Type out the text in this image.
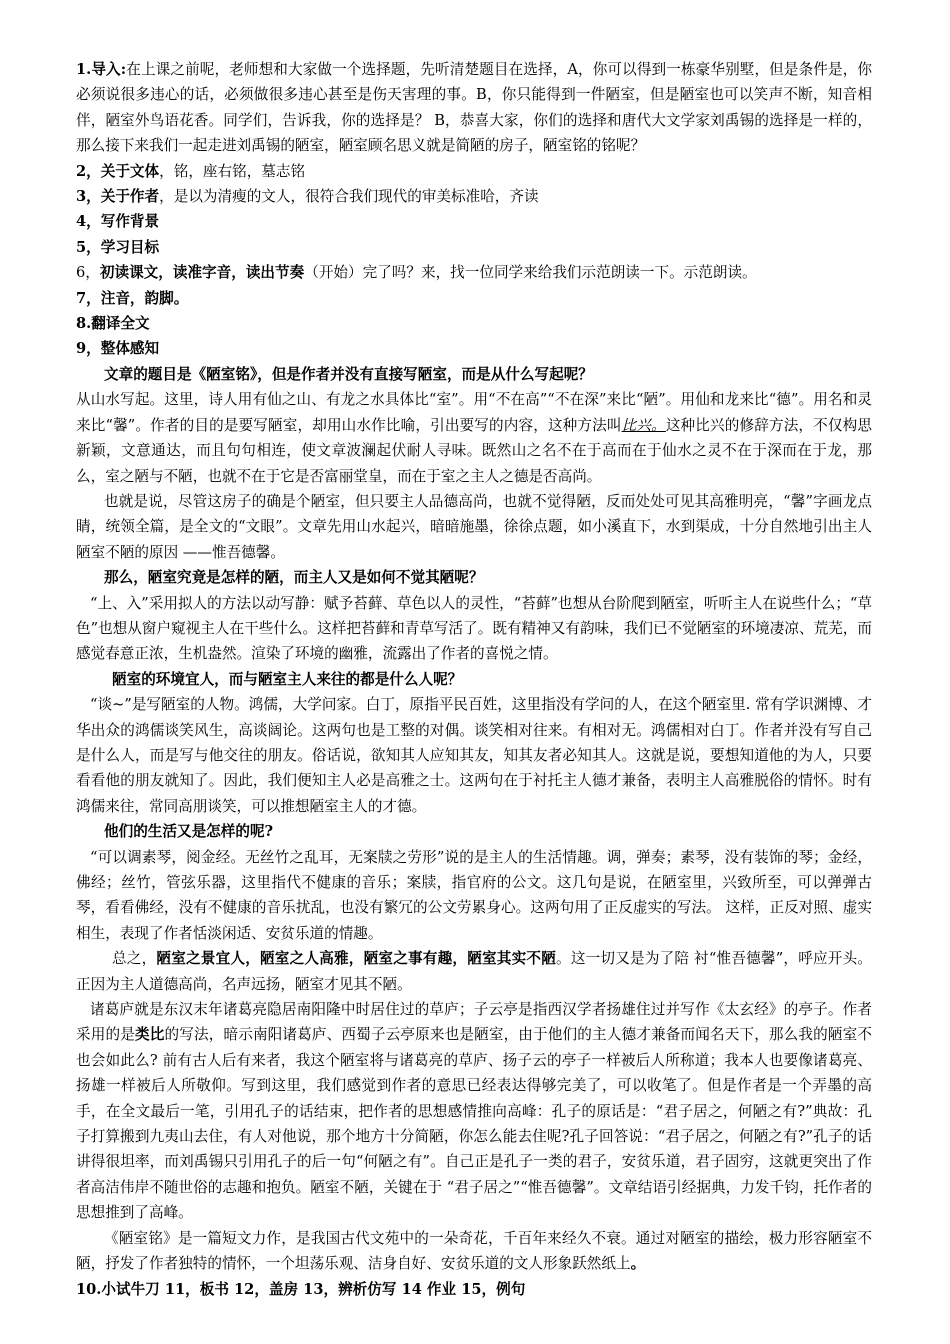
1.导入:在上课之前呢，老师想和大家做一个选择题，先听清楚题目在选择，A，你可以得到一栋豪华别墅，但是条件是，你必须说很多违心的话，必须做很多违心甚至是伤天害理的事。B，你只能得到一件陋室，但是陋室也可以笑声不断，知音相伴，陋室外鸟语花香。同学们，告诉我，你的选择是？ B，恭喜大家，你们的选择和唐代大文学家刘禹锡的选择是一样的，那么接下来我们一起走进刘禹锡的陋室，陋室顾名思义就是简陋的房子，陋室铭的铭呢？

2，关于文体，铭，座右铭，墓志铭

3，关于作者，是以为清瘦的文人，很符合我们现代的审美标准哈，齐读

4，写作背景

5，学习目标

6，初读课文，读准字音，读出节奏（开始）完了吗？来，找一位同学来给我们示范朗读一下。示范朗读。

7，注音，韵脚。

8.翻译全文

9，整体感知

文章的题目是《陋室铭》，但是作者并没有直接写陋室，而是从什么写起呢？

从山水写起。这里，诗人用有仙之山、有龙之水具体比“室”。用“不在高”“不在深”来比“陋”。用仙和龙来比“德”。用名和灵来比“馨”。作者的目的是要写陋室，却用山水作比喻，引出要写的内容，这种方法叫比兴。这种比兴的修辞方法，不仅构思新颖，文意通达，而且句句相连，使文章波澜起伏耐人寻味。既然山之名不在于高而在于仙水之灵不在于深而在于龙，那么，室之陋与不陋，也就不在于它是否富丽堂皇，而在于室之主人之德是否高尚。

也就是说，尽管这房子的确是个陋室，但只要主人品德高尚，也就不觉得陋，反而处处可见其高雅明亮，“馨”字画龙点睛，统领全篇，是全文的“文眼”。文章先用山水起兴，暗暗施墨，徐徐点题，如小溪直下，水到渠成，十分自然地引出主人陋室不陋的原因 ——惟吾德馨。

那么，陋室究竟是怎样的陋，而主人又是如何不觉其陋呢？

“上、入”采用拟人的方法以动写静：赋予苔藓、草色以人的灵性，“苔藓”也想从台阶爬到陋室，听听主人在说些什么；“草色”也想从窗户窥视主人在干些什么。这样把苔藓和青草写活了。既有精神又有韵味，我们已不觉陋室的环境凄凉、荒芜，而感觉春意正浓，生机盎然。渲染了环境的幽雅，流露出了作者的喜悦之情。

陋室的环境宜人，而与陋室主人来往的都是什么人呢？

“谈~”是写陋室的人物。鸿儒，大学问家。白丁，原指平民百姓，这里指没有学问的人，在这个陋室里. 常有学识渊博、才华出众的鸿儒谈笑风生，高谈阔论。这两句也是工整的对偶。谈笑相对往来。有相对无。鸿儒相对白丁。作者并没有写自己是什么人，而是写与他交往的朋友。俗话说，欲知其人应知其友，知其友者必知其人。这就是说，要想知道他的为人，只要看看他的朋友就知了。因此，我们便知主人必是高雅之士。这两句在于衬托主人德才兼备，表明主人高雅脱俗的情怀。时有鸿儒来往，常同高朋谈笑，可以推想陋室主人的才德。

他们的生活又是怎样的呢?

“可以调素琴，阅金经。无丝竹之乱耳，无案牍之劳形”说的是主人的生活情趣。调，弹奏；素琴，没有装饰的琴；金经，佛经；丝竹，管弦乐器，这里指代不健康的音乐；案牍，指官府的公文。这几句是说，在陋室里，兴致所至，可以弹弹古琴，看看佛经，没有不健康的音乐扰乱，也没有繁冗的公文劳累身心。这两句用了正反虚实的写法。 这样，正反对照、虚实相生，表现了作者恬淡闲适、安贫乐道的情趣。

总之，陋室之景宜人，陋室之人高雅，陋室之事有趣，陋室其实不陋。这一切又是为了陪 衬“惟吾德馨”，呼应开头。正因为主人道德高尚，名声远扬，陋室才见其不陋。

诸葛庐就是东汉末年诸葛亮隐居南阳隆中时居住过的草庐；子云亭是指西汉学者扬雄住过并写作《太玄经》的亭子。作者采用的是类比的写法，暗示南阳诸葛庐、西蜀子云亭原来也是陋室，由于他们的主人德才兼备而闻名天下，那么我的陋室不也会如此么? 前有古人后有来者，我这个陋室将与诸葛亮的草庐、扬子云的亭子一样被后人所称道；我本人也要像诸葛亮、扬雄一样被后人所敬仰。写到这里，我们感觉到作者的意思已经表达得够完美了，可以收笔了。但是作者是一个弄墨的高手，在全文最后一笔，引用孔子的话结束，把作者的思想感情推向高峰：孔子的原话是：“君子居之，何陋之有?”典故：孔子打算搬到九夷山去住，有人对他说，那个地方十分简陋，你怎么能去住呢?孔子回答说：“君子居之，何陋之有?”孔子的话讲得很坦率，而刘禹锡只引用孔子的后一句“何陋之有”。自己正是孔子一类的君子，安贫乐道，君子固穷，这就更突出了作者高洁伟岸不随世俗的志趣和抱负。陋室不陋，关键在于 “君子居之”“惟吾德馨”。文章结语引经据典，力发千钧，托作者的思想推到了高峰。

《陋室铭》是一篇短文力作，是我国古代文苑中的一朵奇花，千百年来经久不衰。通过对陋室的描绘，极力形容陋室不陋，抒发了作者独特的情怀，一个坦荡乐观、洁身自好、安贫乐道的文人形象跃然纸上。

10.小试牛刀 11，板书 12，盖房 13，辨析仿写 14 作业 15，例句
